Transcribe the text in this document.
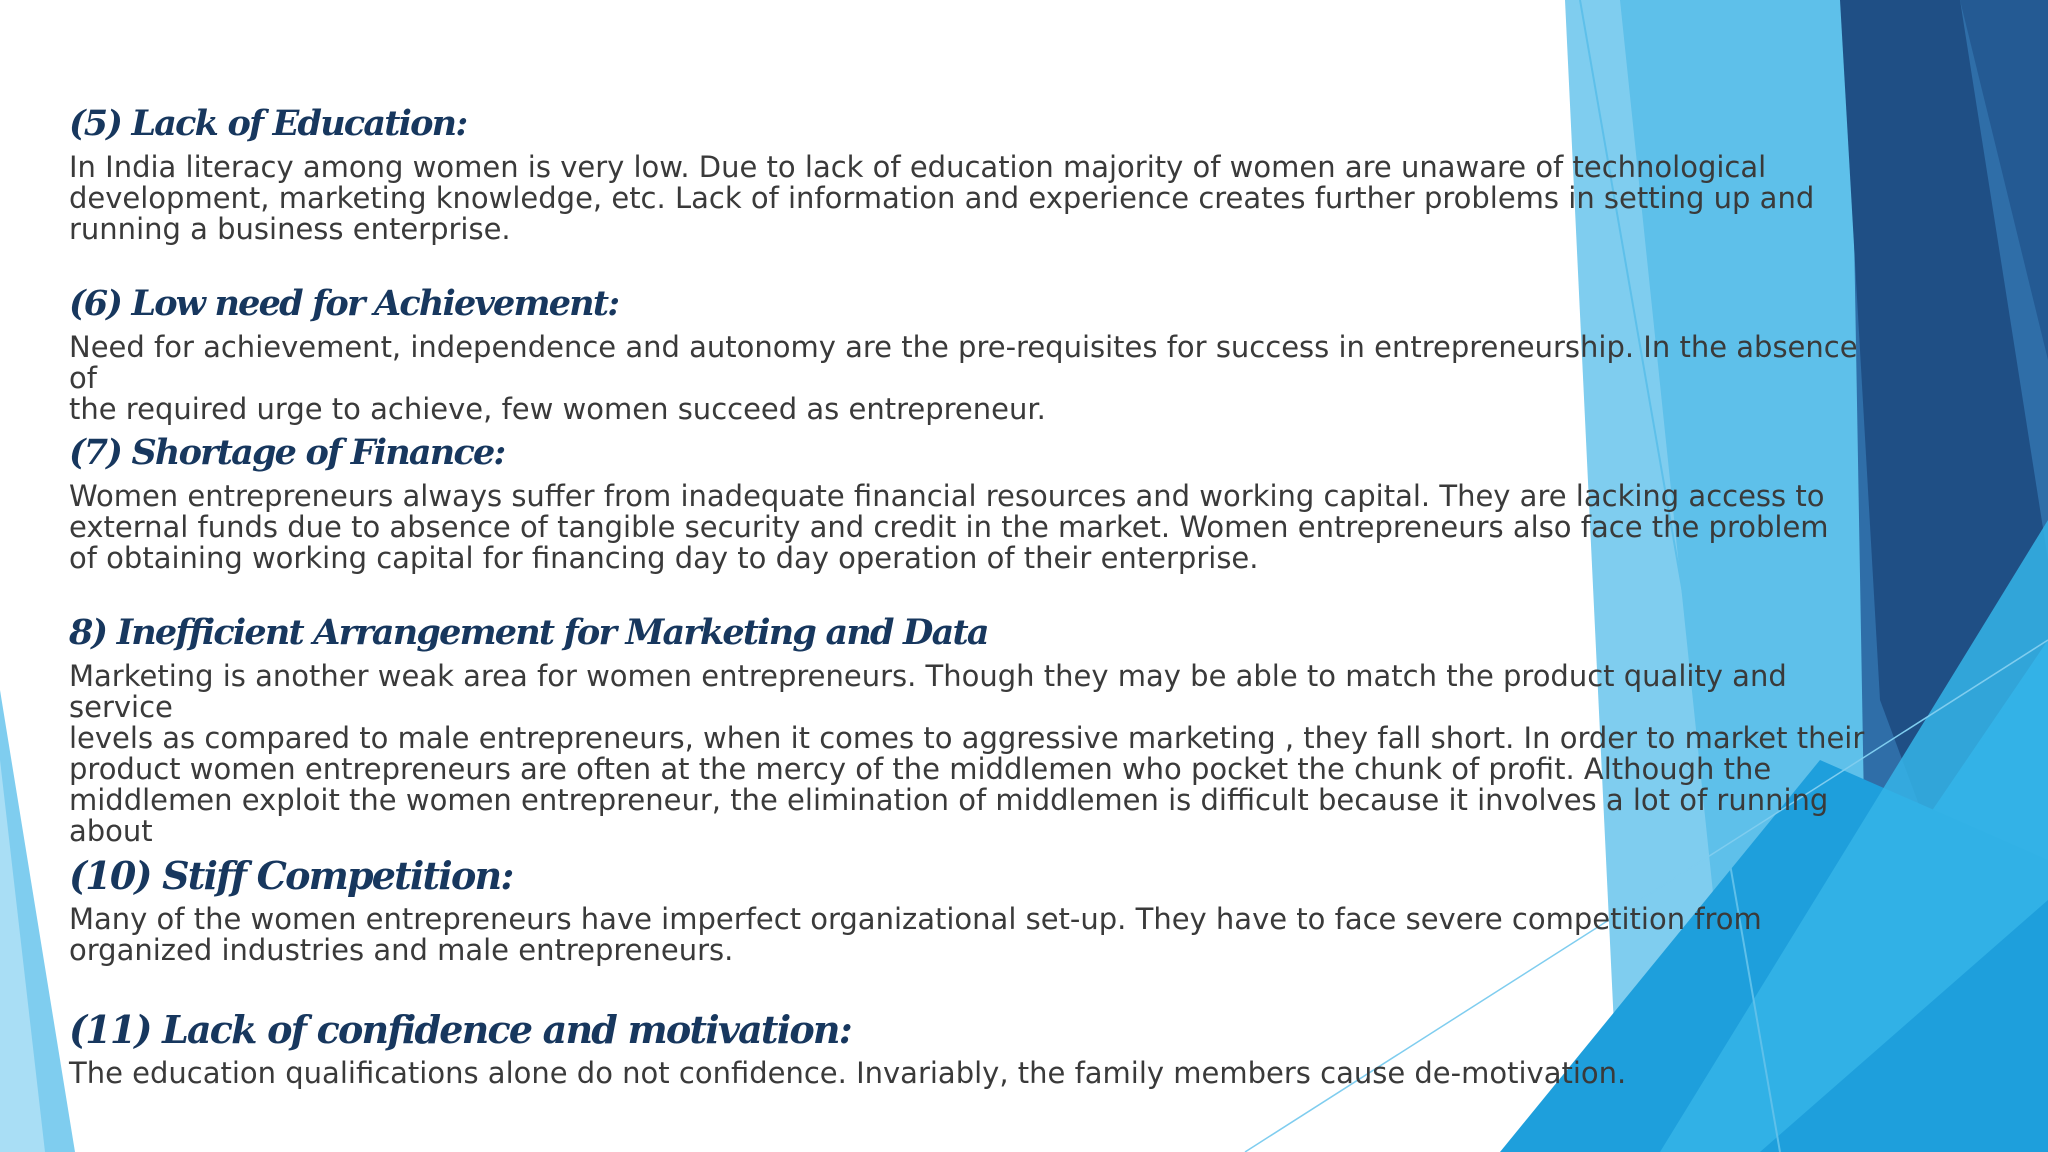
(5) Lack of Education:

In India literacy among women is very low. Due to lack of education majority of women are unaware of technological
development, marketing knowledge, etc. Lack of information and experience creates further problems in setting up and
running a business enterprise.

(6) Low need for Achievement:

Need for achievement, independence and autonomy are the pre-requisites for success in entrepreneurship. In the absence of
the required urge to achieve, few women succeed as entrepreneur.

(7) Shortage of Finance:

Women entrepreneurs always suffer from inadequate financial resources and working capital. They are lacking access to
external funds due to absence of tangible security and credit in the market. Women entrepreneurs also face the problem
of obtaining working capital for financing day to day operation of their enterprise.

8) Inefficient Arrangement for Marketing and Data

Marketing is another weak area for women entrepreneurs. Though they may be able to match the product quality and service
levels as compared to male entrepreneurs, when it comes to aggressive marketing , they fall short. In order to market their
product women entrepreneurs are often at the mercy of the middlemen who pocket the chunk of profit. Although the
middlemen exploit the women entrepreneur, the elimination of middlemen is difficult because it involves a lot of running
about

(10) Stiff Competition:

Many of the women entrepreneurs have imperfect organizational set-up. They have to face severe competition from
organized industries and male entrepreneurs.

(11) Lack of confidence and motivation:

The education qualifications alone do not confidence. Invariably, the family members cause de-motivation.
